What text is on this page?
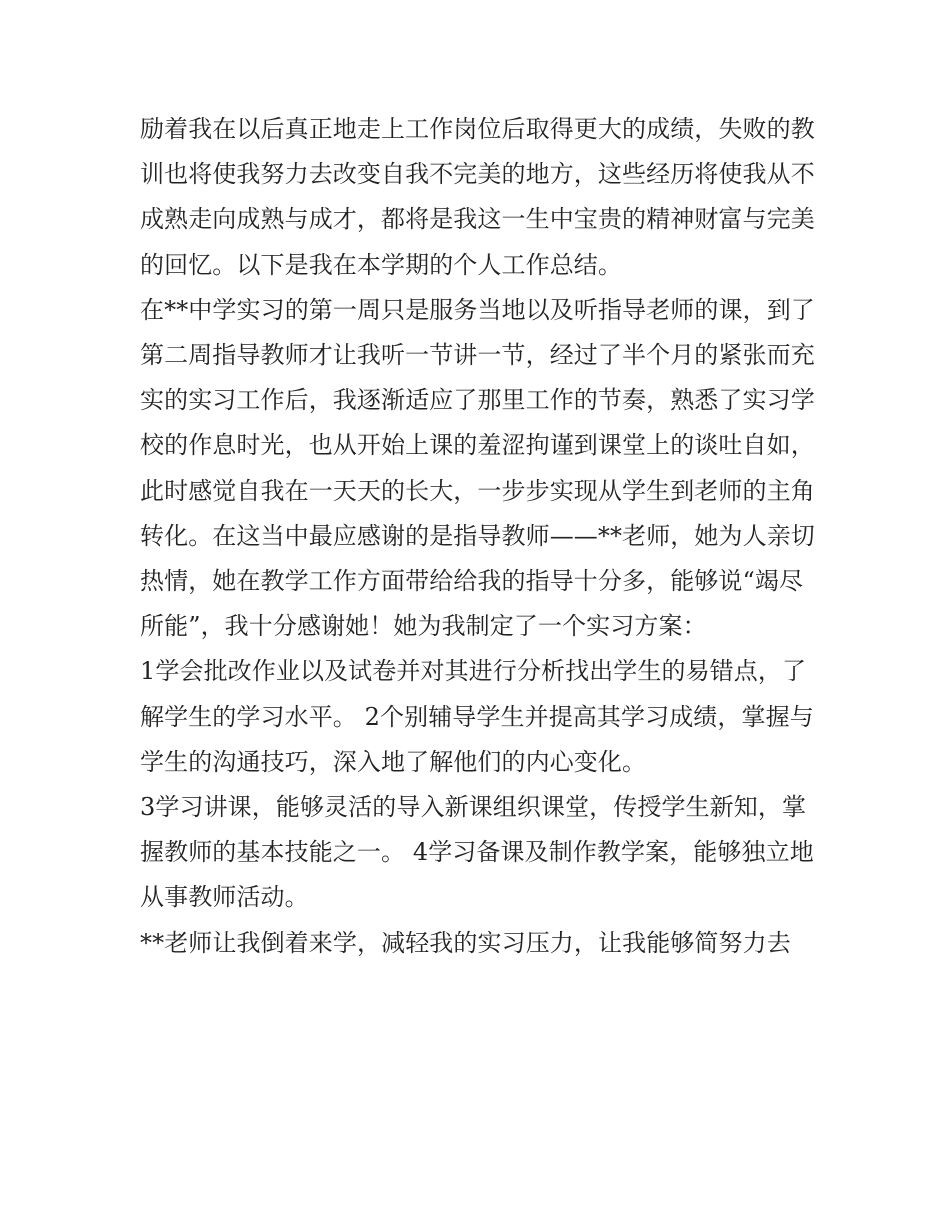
励着我在以后真正地走上工作岗位后取得更大的成绩，失败的教训也将使我努力去改变自我不完美的地方，这些经历将使我从不成熟走向成熟与成才，都将是我这一生中宝贵的精神财富与完美的回忆。以下是我在本学期的个人工作总结。

在**中学实习的第一周只是服务当地以及听指导老师的课，到了第二周指导教师才让我听一节讲一节，经过了半个月的紧张而充实的实习工作后，我逐渐适应了那里工作的节奏，熟悉了实习学校的作息时光，也从开始上课的羞涩拘谨到课堂上的谈吐自如，此时感觉自我在一天天的长大，一步步实现从学生到老师的主角转化。在这当中最应感谢的是指导教师——**老师，她为人亲切热情，她在教学工作方面带给给我的指导十分多，能够说“竭尽所能”，我十分感谢她！她为我制定了一个实习方案：

1学会批改作业以及试卷并对其进行分析找出学生的易错点，了解学生的学习水平。 2个别辅导学生并提高其学习成绩，掌握与学生的沟通技巧，深入地了解他们的内心变化。

3学习讲课，能够灵活的导入新课组织课堂，传授学生新知，掌握教师的基本技能之一。 4学习备课及制作教学案，能够独立地从事教师活动。

**老师让我倒着来学，减轻我的实习压力，让我能够简努力去
